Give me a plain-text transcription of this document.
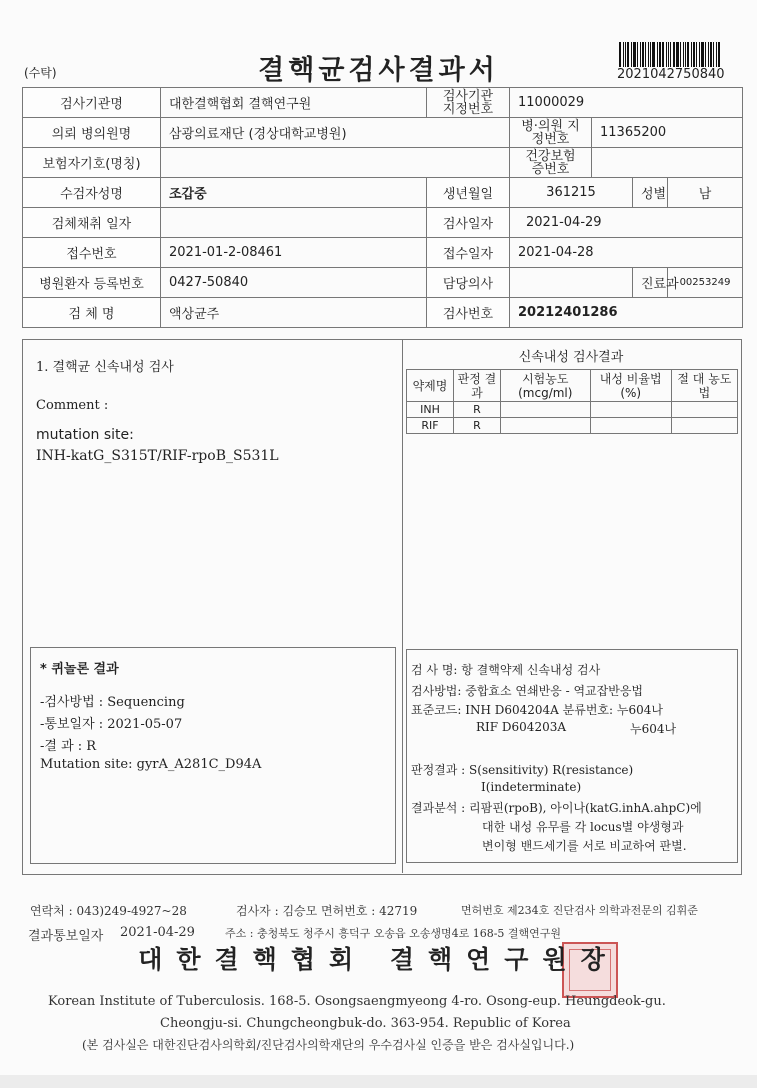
(수탁)	결핵균검사결과서	2021042750840
검사기관명	대한결핵협회 결핵연구원	검사기관 지정번호	11000029			
의뢰 병의원명	삼광의료재단 (경상대학교병원)		병·의원 지정번호	11365200		
보험자기호(명칭)			건강보험 증번호			
수검자성명	조갑중	생년월일	361215		성별	남
검체채취 일자		검사일자	2021-04-29			
접수번호	2021-01-2-08461	접수일자	2021-04-28			
병원환자 등록번호	0427-50840	담당의사			진료과	00253249
검 체 명	액상균주	검사번호	20212401286			
1. 결핵균 신속내성 검사
Comment :
mutation site:
INH-katG_S315T/RIF-rpoB_S531L
* 퀴놀론 결과
-검사방법 : Sequencing
-통보일자 : 2021-05-07
-결 과 : R
Mutation site: gyrA_A281C_D94A
신속내성 검사결과
약제명	판정 결과	시험농도 (mcg/ml)	내성 비율법(%)	절 대 농도법
INH	R			
RIF	R			
검 사 명: 항 결핵약제 신속내성 검사
검사방법: 중합효소 연쇄반응 - 역교잡반응법
표준코드: INH D604204A 분류번호: 누604나
RIF D604203A	누604나
판정결과 : S(sensitivity) R(resistance)
I(indeterminate)
결과분석 : 리팜핀(rpoB), 아이나(katG.inhA.ahpC)에
대한 내성 유무를 각 locus별 야생형과
변이형 밴드세기를 서로 비교하여 판별.
연락처 : 043)249-4927~28	검사자 : 김승모 면허번호 : 42719	면허번호 제234호 진단검사 의학과전문의 김휘준
결과통보일자 2021-04-29	주소 : 충청북도 청주시 흥덕구 오송읍 오송생명4로 168-5 결핵연구원
대한결핵협회 결핵연구원장
Korean Institute of Tuberculosis. 168-5. Osongsaengmyeong 4-ro. Osong-eup. Heungdeok-gu.
Cheongju-si. Chungcheongbuk-do. 363-954. Republic of Korea
(본 검사실은 대한진단검사의학회/진단검사의학재단의 우수검사실 인증을 받은 검사실입니다.)
